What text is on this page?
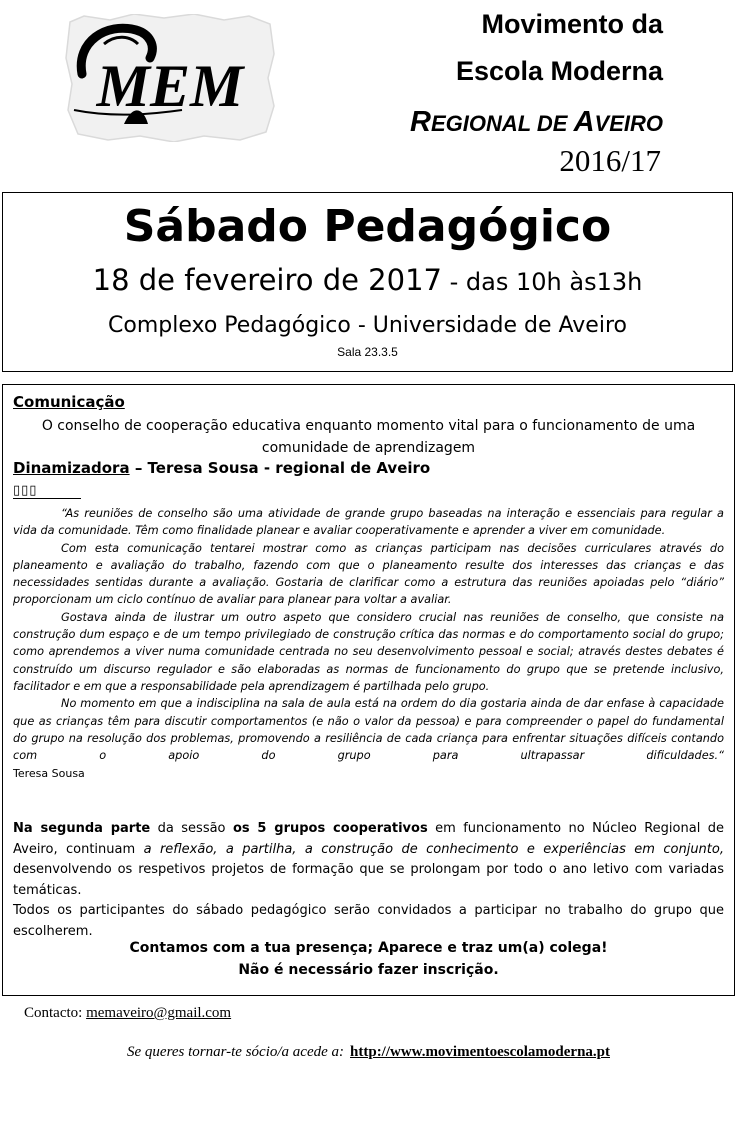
MEM
Movimento da
Escola Moderna
REGIONAL DE AVEIRO
2016/17
Sábado Pedagógico
18 de fevereiro de 2017 - das 10h às13h
Complexo Pedagógico - Universidade de Aveiro
Sala 23.3.5
Comunicação
O conselho de cooperação educativa enquanto momento vital para o funcionamento de uma comunidade de aprendizagem
Dinamizadora – Teresa Sousa - regional de Aveiro
▯▯▯

“As reuniões de conselho são uma atividade de grande grupo baseadas na interação e essenciais para regular a vida da comunidade. Têm como finalidade planear e avaliar cooperativamente e aprender a viver em comunidade.

Com esta comunicação tentarei mostrar como as crianças participam nas decisões curriculares através do planeamento e avaliação do trabalho, fazendo com que o planeamento resulte dos interesses das crianças e das necessidades sentidas durante a avaliação. Gostaria de clarificar como a estrutura das reuniões apoiadas pelo “diário” proporcionam um ciclo contínuo de avaliar para planear para voltar a avaliar.

Gostava ainda de ilustrar um outro aspeto que considero crucial nas reuniões de conselho, que consiste na construção dum espaço e de um tempo privilegiado de construção crítica das normas e do comportamento social do grupo; como aprendemos a viver numa comunidade centrada no seu desenvolvimento pessoal e social; através destes debates é construído um discurso regulador e são elaboradas as normas de funcionamento do grupo que se pretende inclusivo, facilitador e em que a responsabilidade pela aprendizagem é partilhada pelo grupo.

No momento em que a indisciplina na sala de aula está na ordem do dia gostaria ainda de dar enfase à capacidade que as crianças têm para discutir comportamentos (e não o valor da pessoa) e para compreender o papel do fundamental do grupo na resolução dos problemas, promovendo a resiliência de cada criança para enfrentar situações difíceis contando com o apoio do grupo para ultrapassar dificuldades.“

Teresa Sousa

Na segunda parte da sessão os 5 grupos cooperativos em funcionamento no Núcleo Regional de Aveiro, continuam a reflexão, a partilha, a construção de conhecimento e experiências em conjunto, desenvolvendo os respetivos projetos de formação que se prolongam por todo o ano letivo com variadas temáticas.

Todos os participantes do sábado pedagógico serão convidados a participar no trabalho do grupo que escolherem.

Contamos com a tua presença; Aparece e traz um(a) colega!
Não é necessário fazer inscrição.
Contacto: memaveiro@gmail.com
Se queres tornar-te sócio/a acede a: http://www.movimentoescolamoderna.pt
